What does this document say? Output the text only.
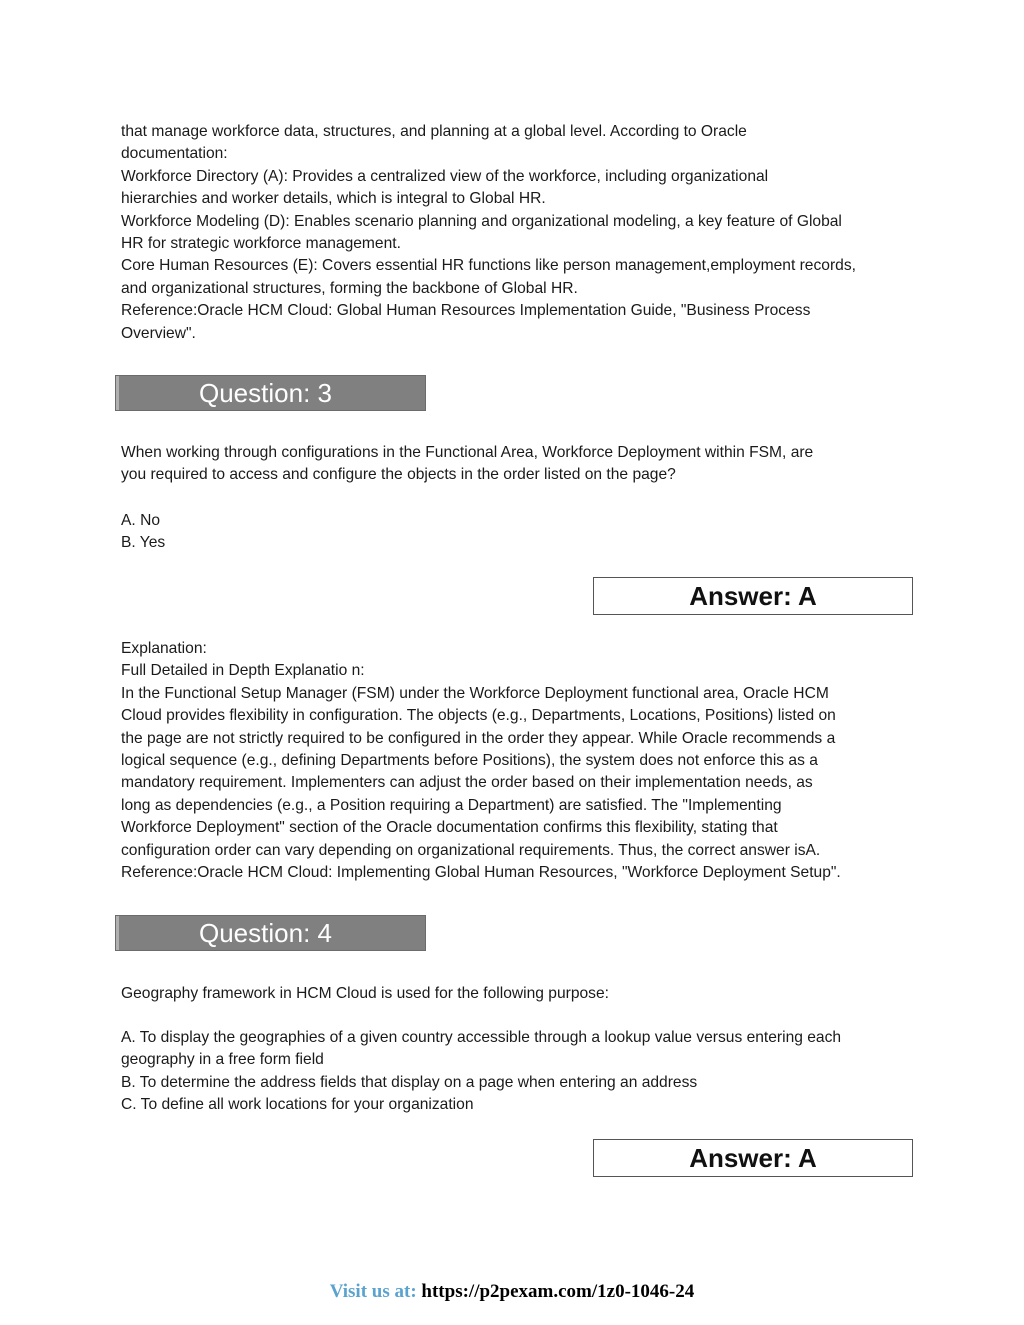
that manage workforce data, structures, and planning at a global level. According to Oracle
documentation:
Workforce Directory (A): Provides a centralized view of the workforce, including organizational
hierarchies and worker details, which is integral to Global HR.
Workforce Modeling (D): Enables scenario planning and organizational modeling, a key feature of Global
HR for strategic workforce management.
Core Human Resources (E): Covers essential HR functions like person management,employment records,
and organizational structures, forming the backbone of Global HR.
Reference:Oracle HCM Cloud: Global Human Resources Implementation Guide, "Business Process
Overview".
Question: 3
When working through configurations in the Functional Area, Workforce Deployment within FSM, are
you required to access and configure the objects in the order listed on the page?
A. No
B. Yes
Answer: A
Explanation:
Full Detailed in Depth Explanatio n:
In the Functional Setup Manager (FSM) under the Workforce Deployment functional area, Oracle HCM
Cloud provides flexibility in configuration. The objects (e.g., Departments, Locations, Positions) listed on
the page are not strictly required to be configured in the order they appear. While Oracle recommends a
logical sequence (e.g., defining Departments before Positions), the system does not enforce this as a
mandatory requirement. Implementers can adjust the order based on their implementation needs, as
long as dependencies (e.g., a Position requiring a Department) are satisfied. The "Implementing
Workforce Deployment" section of the Oracle documentation confirms this flexibility, stating that
configuration order can vary depending on organizational requirements. Thus, the correct answer isA.
Reference:Oracle HCM Cloud: Implementing Global Human Resources, "Workforce Deployment Setup".
Question: 4
Geography framework in HCM Cloud is used for the following purpose:
A. To display the geographies of a given country accessible through a lookup value versus entering each
geography in a free form field
B. To determine the address fields that display on a page when entering an address
C. To define all work locations for your organization
Answer: A
Visit us at: https://p2pexam.com/1z0-1046-24
